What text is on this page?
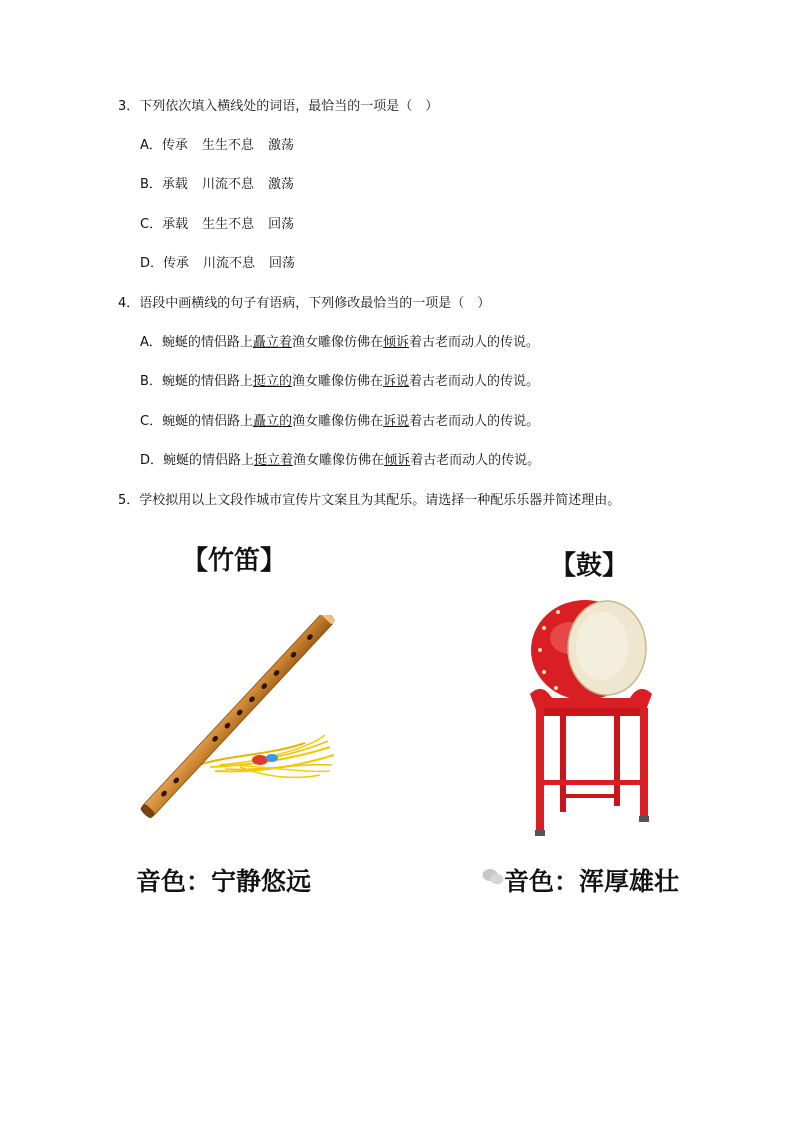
3．下列依次填入横线处的词语，最恰当的一项是（　）
A．传承 生生不息 激荡
B．承载 川流不息 激荡
C．承载 生生不息 回荡
D．传承 川流不息 回荡
4．语段中画横线的句子有语病，下列修改最恰当的一项是（　）
A．蜿蜒的情侣路上矗立着渔女雕像仿佛在倾诉着古老而动人的传说。
B．蜿蜒的情侣路上挺立的渔女雕像仿佛在诉说着古老而动人的传说。
C．蜿蜒的情侣路上矗立的渔女雕像仿佛在诉说着古老而动人的传说。
D．蜿蜒的情侣路上挺立着渔女雕像仿佛在倾诉着古老而动人的传说。
5．学校拟用以上文段作城市宣传片文案且为其配乐。请选择一种配乐乐器并简述理由。
【竹笛】	【鼓】
音色：宁静悠远	音色：浑厚雄壮
